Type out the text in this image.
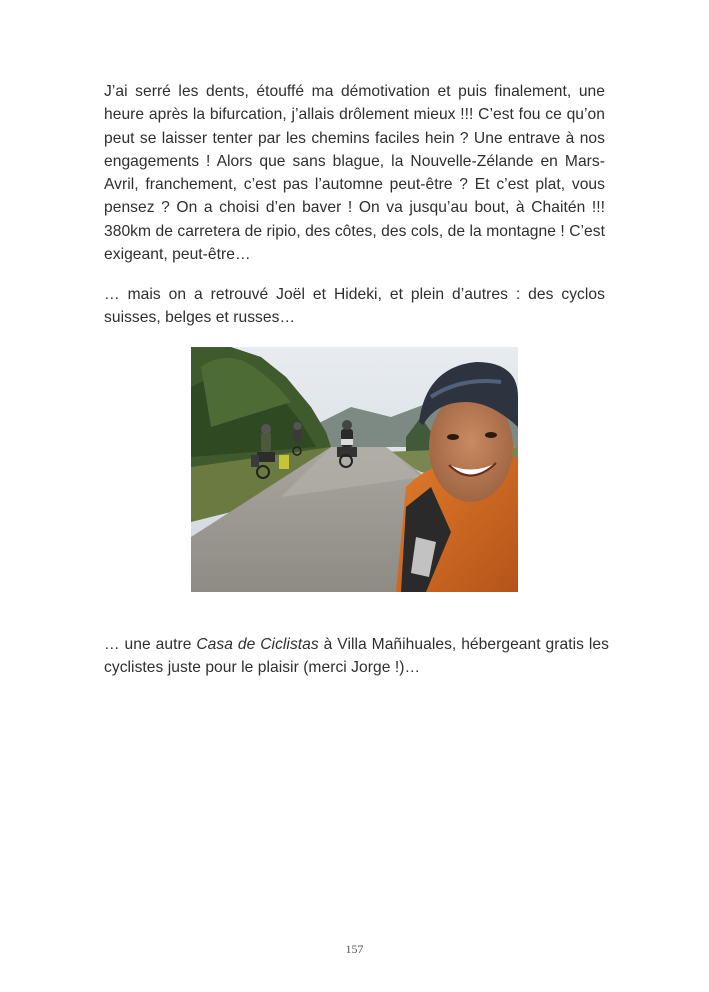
J’ai serré les dents, étouffé ma démotivation et puis finalement, une heure après la bifurcation, j’allais drôlement mieux !!! C’est fou ce qu’on peut se laisser tenter par les chemins faciles hein ? Une entrave à nos engagements ! Alors que sans blague, la Nouvelle-Zélande en Mars-Avril, franchement, c’est pas l’automne peut-être ? Et c’est plat, vous pensez ? On a choisi d’en baver ! On va jusqu’au bout, à Chaitén !!! 380km de carretera de ripio, des côtes, des cols, de la montagne ! C’est exigeant, peut-être…

… mais on a retrouvé Joël et Hideki, et plein d’autres : des cyclos suisses, belges et russes…

… une autre Casa de Ciclistas à Villa Mañihuales, hébergeant gratis les cyclistes juste pour le plaisir (merci Jorge !)…

157
